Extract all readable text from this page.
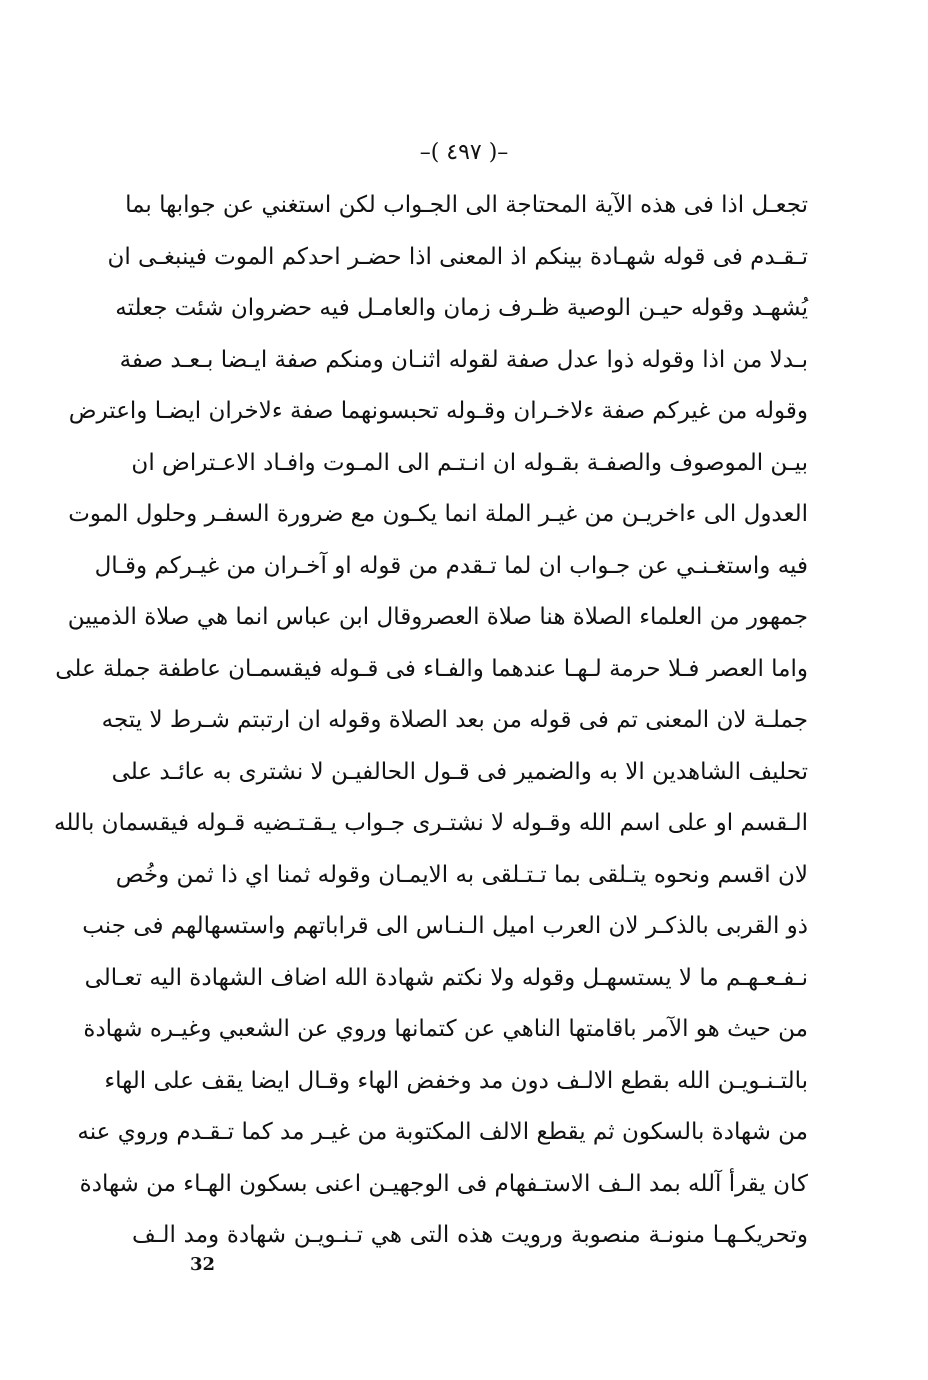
–( ٤٩٧ )–
تجعـل اذا فى هذه الآية المحتاجة الى الجـواب لكن استغني عن جوابها بما
تـقـدم فى قوله شهـادة بينكم اذ المعنى اذا حضـر احدكم الموت فينبغـى ان
يُشهـد وقوله حيـن الوصية ظـرف زمان والعامـل فيه حضروان شئت جعلته
بـدلا من اذا وقوله ذوا عدل صفة لقوله اثنـان ومنكم صفة ايـضا بـعـد صفة
وقوله من غيركم صفة ءلاخـران وقـوله تحبسونهما صفة ءلاخران ايضـا واعترض
بيـن الموصوف والصفـة بقـوله ان انـتـم الى المـوت وافـاد الاعـتراض ان
العدول الى ءاخريـن من غيـر الملة انما يكـون مع ضرورة السفـر وحلول الموت
فيه واستغـنـي عن جـواب ان لما تـقدم من قوله او آخـران من غيـركم وقـال
جمهور من العلماء الصلاة هنا صلاة العصروقال ابن عباس انما هي صلاة الذميين
واما العصر فـلا حرمة لـهـا عندهما والفـاء فى قـوله فيقسمـان عاطفة جملة على
جملـة لان المعنى تم فى قوله من بعد الصلاة وقوله ان ارتبتم شـرط لا يتجه
تحليف الشاهدين الا به والضمير فى قـول الحالفيـن لا نشترى به عائـد على
الـقسم او على اسم الله وقـوله لا نشتـرى جـواب يـقـتـضيه قـوله فيقسمان بالله
لان اقسم ونحوه يتـلقى بما تـتـلقى به الايمـان وقوله ثمنا اي ذا ثمن وخُص
ذو القربى بالذكـر لان العرب اميل الـنـاس الى قراباتهم واستسهالهم فى جنب
نـفـعـهـم ما لا يستسهـل وقوله ولا نكتم شهادة الله اضاف الشهادة اليه تعـالى
من حيث هو الآمر باقامتها الناهي عن كتمانها وروي عن الشعبي وغيـره شهادة
بالتـنـويـن الله بقطع الالـف دون مد وخفض الهاء وقـال ايضا يقف على الهاء
من شهادة بالسكون ثم يقطع الالف المكتوبة من غيـر مد كما تـقـدم وروي عنه
كان يقرأ آلله بمد الـف الاستـفهام فى الوجهيـن اعنى بسكون الهـاء من شهادة
وتحريكـهـا منونـة منصوبة ورويت هذه التى هي تـنـويـن شهادة ومد الـف
32
